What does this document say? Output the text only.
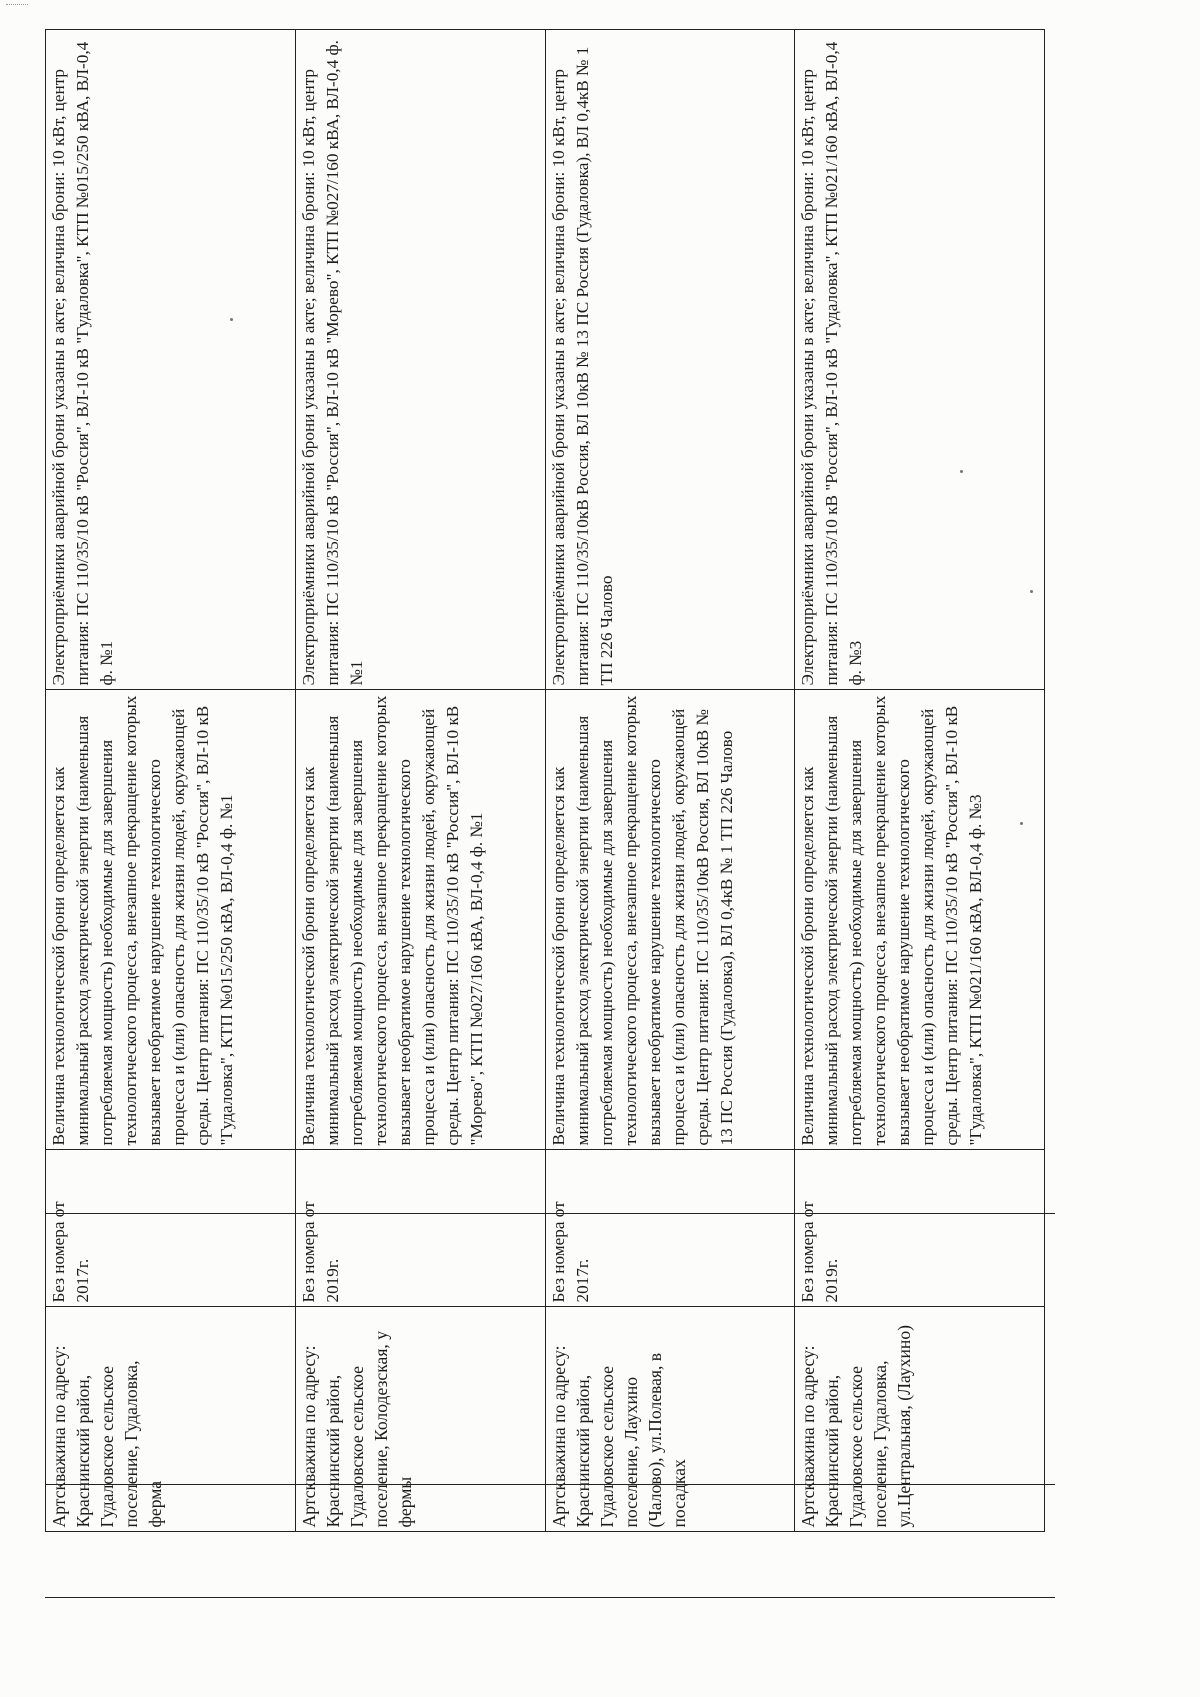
	Артскважина по адресу: Краснинский район, Гудаловское сельское поселение, Гудаловка, ферма	Без номера от 2017г.	Величина технологической брони определяется как минимальный расход электрической энергии (наименьшая потребляемая мощность) необходимые для завершения технологического процесса, внезапное прекращение которых вызывает необратимое нарушение технологического процесса и (или) опасность для жизни людей, окружающей среды. Центр питания: ПС 110/35/10 кВ "Россия", ВЛ-10 кВ "Гудаловка", КТП №015/250 кВА, ВЛ-0,4 ф. №1	Электроприёмники аварийной брони указаны в акте; величина брони: 10 кВт, центр питания: ПС 110/35/10 кВ "Россия", ВЛ-10 кВ "Гудаловка", КТП №015/250 кВА, ВЛ-0,4 ф. №1
	Артскважина по адресу: Краснинский район, Гудаловское сельское поселение, Колодезская, у фермы	Без номера от 2019г.	Величина технологической брони определяется как минимальный расход электрической энергии (наименьшая потребляемая мощность) необходимые для завершения технологического процесса, внезапное прекращение которых вызывает необратимое нарушение технологического процесса и (или) опасность для жизни людей, окружающей среды. Центр питания: ПС 110/35/10 кВ "Россия", ВЛ-10 кВ "Морево", КТП №027/160 кВА, ВЛ-0,4 ф. №1	Электроприёмники аварийной брони указаны в акте; величина брони: 10 кВт, центр питания: ПС 110/35/10 кВ "Россия", ВЛ-10 кВ "Морево", КТП №027/160 кВА, ВЛ-0,4 ф. №1
	Артскважина по адресу: Краснинский район, Гудаловское сельское поселение, Лаухино (Чалово), ул.Полевая, в посадках	Без номера от 2017г.	Величина технологической брони определяется как минимальный расход электрической энергии (наименьшая потребляемая мощность) необходимые для завершения технологического процесса, внезапное прекращение которых вызывает необратимое нарушение технологического процесса и (или) опасность для жизни людей, окружающей среды. Центр питания: ПС 110/35/10кВ Россия, ВЛ 10кВ № 13 ПС Россия (Гудаловка), ВЛ 0,4кВ № 1 ТП 226 Чалово	Электроприёмники аварийной брони указаны в акте; величина брони: 10 кВт, центр питания: ПС 110/35/10кВ Россия, ВЛ 10кВ № 13 ПС Россия (Гудаловка), ВЛ 0,4кВ № 1 ТП 226 Чалово
	Артскважина по адресу: Краснинский район, Гудаловское сельское поселение, Гудаловка, ул.Центральная, (Лаухино)	Без номера от 2019г.	Величина технологической брони определяется как минимальный расход электрической энергии (наименьшая потребляемая мощность) необходимые для завершения технологического процесса, внезапное прекращение которых вызывает необратимое нарушение технологического процесса и (или) опасность для жизни людей, окружающей среды. Центр питания: ПС 110/35/10 кВ "Россия", ВЛ-10 кВ "Гудаловка", КТП №021/160 кВА, ВЛ-0,4 ф. №3	Электроприёмники аварийной брони указаны в акте; величина брони: 10 кВт, центр питания: ПС 110/35/10 кВ "Россия", ВЛ-10 кВ "Гудаловка", КТП №021/160 кВА, ВЛ-0,4 ф. №3
